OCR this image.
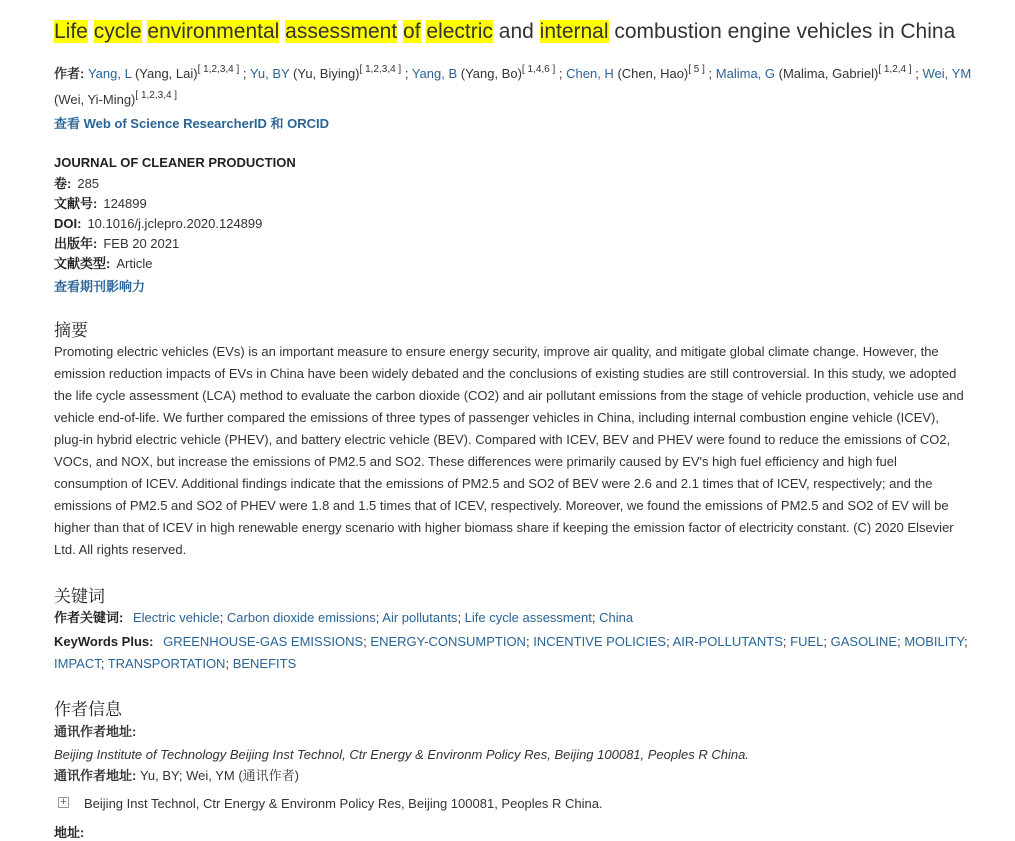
Life cycle environmental assessment of electric and internal combustion engine vehicles in China
作者: Yang, L (Yang, Lai)[ 1,2,3,4 ] ; Yu, BY (Yu, Biying)[ 1,2,3,4 ] ; Yang, B (Yang, Bo)[ 1,4,6 ] ; Chen, H (Chen, Hao)[ 5 ] ; Malima, G (Malima, Gabriel)[ 1,2,4 ] ; Wei, YM (Wei, Yi-Ming)[ 1,2,3,4 ]
查看 Web of Science ResearcherID 和 ORCID
JOURNAL OF CLEANER PRODUCTION
卷: 285
文献号: 124899
DOI: 10.1016/j.jclepro.2020.124899
出版年: FEB 20 2021
文献类型: Article
查看期刊影响力
摘要
Promoting electric vehicles (EVs) is an important measure to ensure energy security, improve air quality, and mitigate global climate change. However, the emission reduction impacts of EVs in China have been widely debated and the conclusions of existing studies are still controversial. In this study, we adopted the life cycle assessment (LCA) method to evaluate the carbon dioxide (CO2) and air pollutant emissions from the stage of vehicle production, vehicle use and vehicle end-of-life. We further compared the emissions of three types of passenger vehicles in China, including internal combustion engine vehicle (ICEV), plug-in hybrid electric vehicle (PHEV), and battery electric vehicle (BEV). Compared with ICEV, BEV and PHEV were found to reduce the emissions of CO2, VOCs, and NOX, but increase the emissions of PM2.5 and SO2. These differences were primarily caused by EV's high fuel efficiency and high fuel consumption of ICEV. Additional findings indicate that the emissions of PM2.5 and SO2 of BEV were 2.6 and 2.1 times that of ICEV, respectively; and the emissions of PM2.5 and SO2 of PHEV were 1.8 and 1.5 times that of ICEV, respectively. Moreover, we found the emissions of PM2.5 and SO2 of EV will be higher than that of ICEV in high renewable energy scenario with higher biomass share if keeping the emission factor of electricity constant. (C) 2020 Elsevier Ltd. All rights reserved.
关键词
作者关键词: Electric vehicle; Carbon dioxide emissions; Air pollutants; Life cycle assessment; China
KeyWords Plus: GREENHOUSE-GAS EMISSIONS; ENERGY-CONSUMPTION; INCENTIVE POLICIES; AIR-POLLUTANTS; FUEL; GASOLINE; MOBILITY; IMPACT; TRANSPORTATION; BENEFITS
作者信息
通讯作者地址:
Beijing Institute of Technology Beijing Inst Technol, Ctr Energy & Environm Policy Res, Beijing 100081, Peoples R China.
通讯作者地址: Yu, BY; Wei, YM (通讯作者)
+ Beijing Inst Technol, Ctr Energy & Environm Policy Res, Beijing 100081, Peoples R China.
地址:
